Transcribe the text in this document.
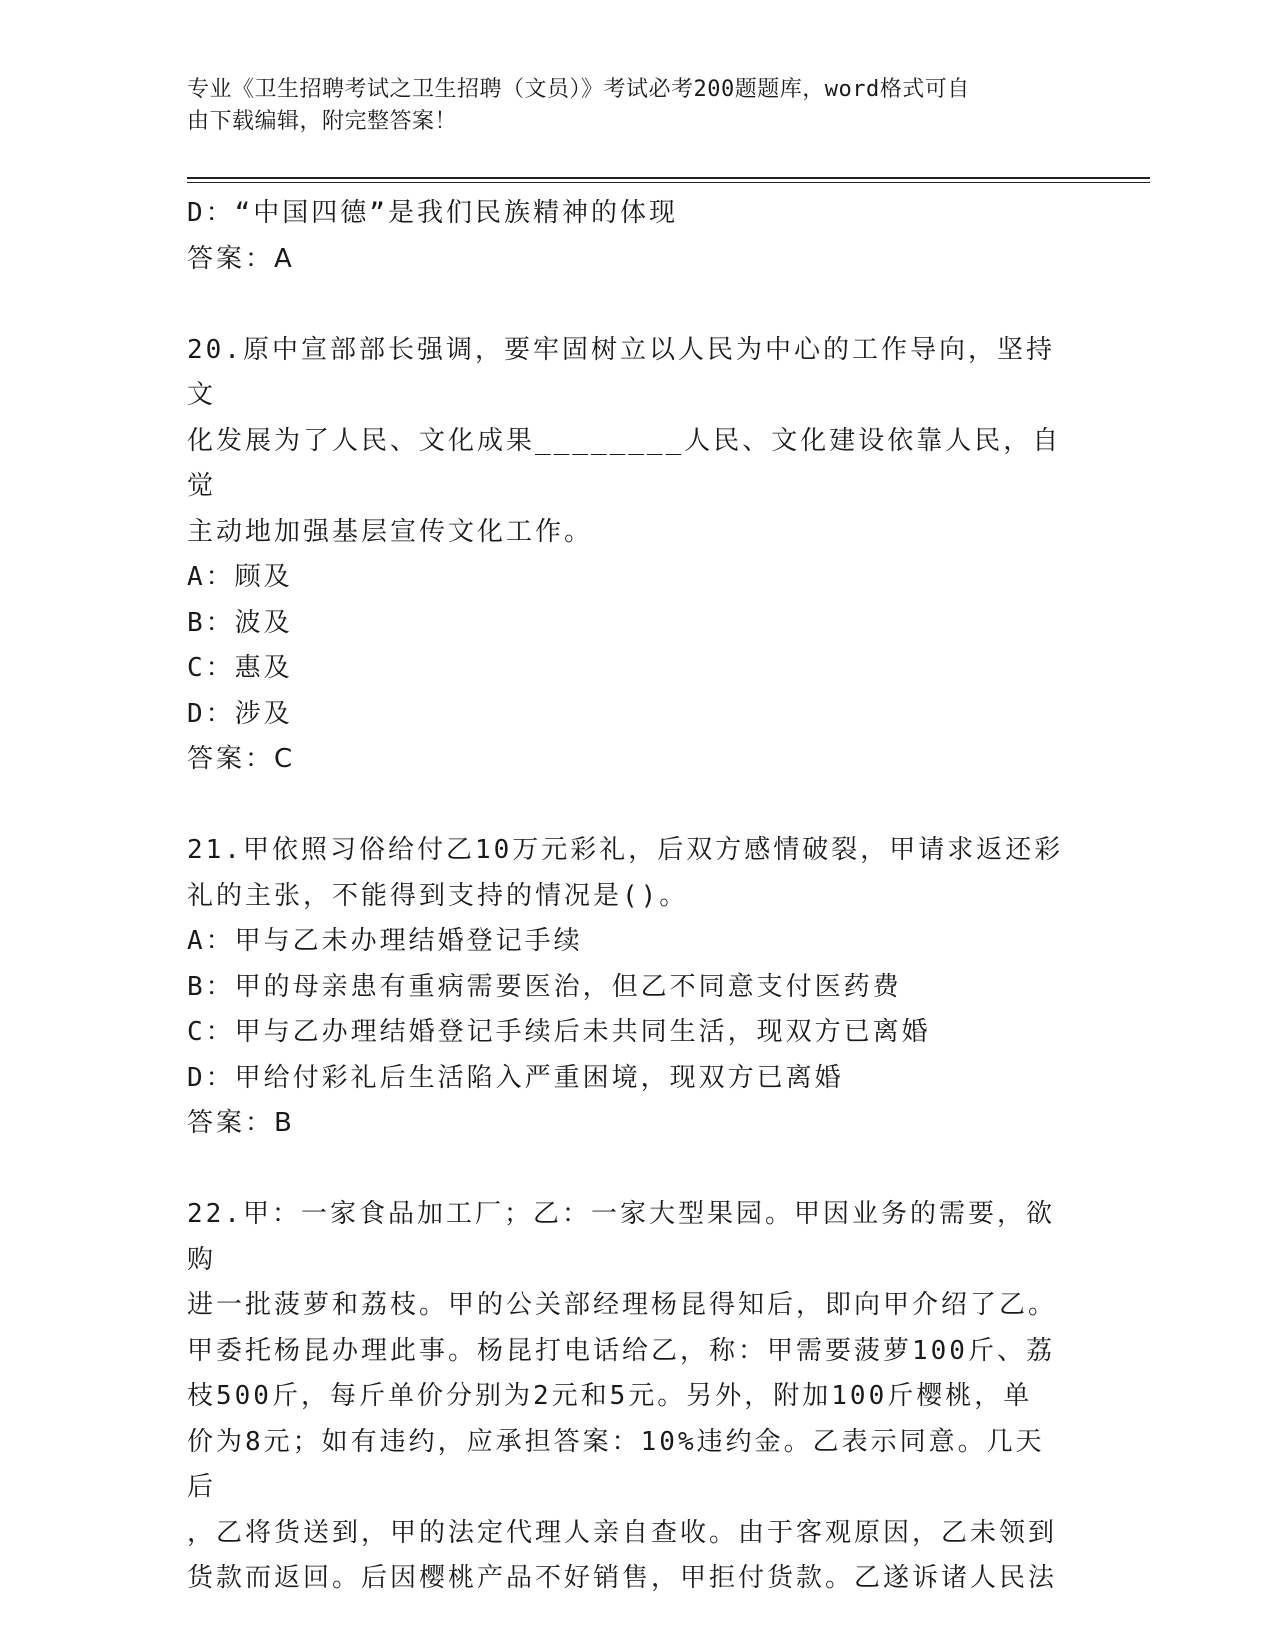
专业《卫生招聘考试之卫生招聘（文员）》考试必考200题题库，word格式可自

由下载编辑，附完整答案！

D：“中国四德”是我们民族精神的体现

答案：A

20.原中宣部部长强调，要牢固树立以人民为中心的工作导向，坚持文

化发展为了人民、文化成果________人民、文化建设依靠人民，自觉

主动地加强基层宣传文化工作。

A：顾及

B：波及

C：惠及

D：涉及

答案：C

21.甲依照习俗给付乙10万元彩礼，后双方感情破裂，甲请求返还彩

礼的主张，不能得到支持的情况是()。

A：甲与乙未办理结婚登记手续

B：甲的母亲患有重病需要医治，但乙不同意支付医药费

C：甲与乙办理结婚登记手续后未共同生活，现双方已离婚

D：甲给付彩礼后生活陷入严重困境，现双方已离婚

答案：B

22.甲：一家食品加工厂；乙：一家大型果园。甲因业务的需要，欲购

进一批菠萝和荔枝。甲的公关部经理杨昆得知后，即向甲介绍了乙。

甲委托杨昆办理此事。杨昆打电话给乙，称：甲需要菠萝100斤、荔

枝500斤，每斤单价分别为2元和5元。另外，附加100斤樱桃，单

价为8元；如有违约，应承担答案：10%违约金。乙表示同意。几天后

，乙将货送到，甲的法定代理人亲自查收。由于客观原因，乙未领到

货款而返回。后因樱桃产品不好销售，甲拒付货款。乙遂诉诸人民法
